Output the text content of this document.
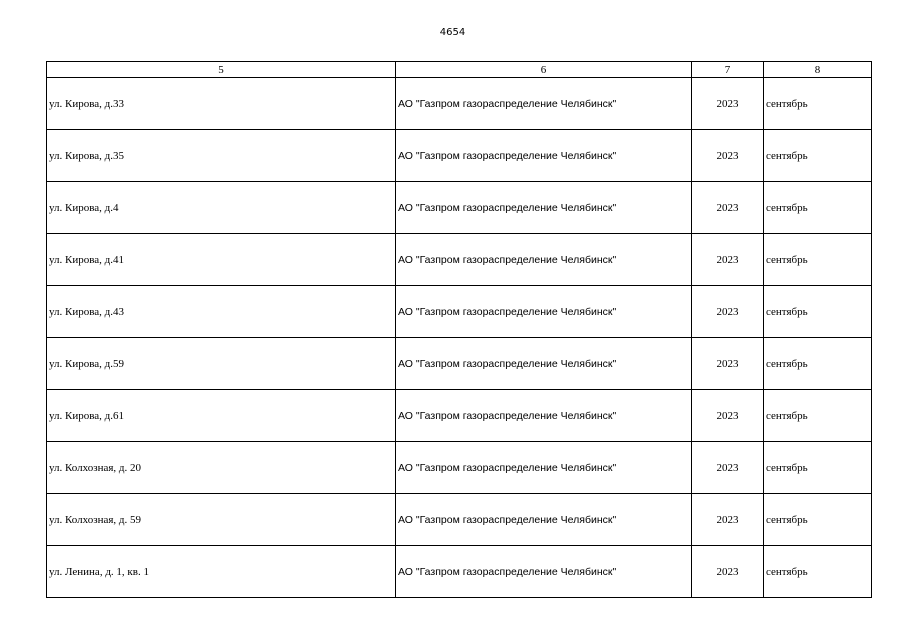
4654
5	6	7	8
ул. Кирова, д.33	АО "Газпром газораспределение Челябинск"	2023	сентябрь
ул. Кирова, д.35	АО "Газпром газораспределение Челябинск"	2023	сентябрь
ул. Кирова, д.4	АО "Газпром газораспределение Челябинск"	2023	сентябрь
ул. Кирова, д.41	АО "Газпром газораспределение Челябинск"	2023	сентябрь
ул. Кирова, д.43	АО "Газпром газораспределение Челябинск"	2023	сентябрь
ул. Кирова, д.59	АО "Газпром газораспределение Челябинск"	2023	сентябрь
ул. Кирова, д.61	АО "Газпром газораспределение Челябинск"	2023	сентябрь
ул. Колхозная, д. 20	АО "Газпром газораспределение Челябинск"	2023	сентябрь
ул. Колхозная, д. 59	АО "Газпром газораспределение Челябинск"	2023	сентябрь
ул. Ленина, д. 1, кв. 1	АО "Газпром газораспределение Челябинск"	2023	сентябрь
